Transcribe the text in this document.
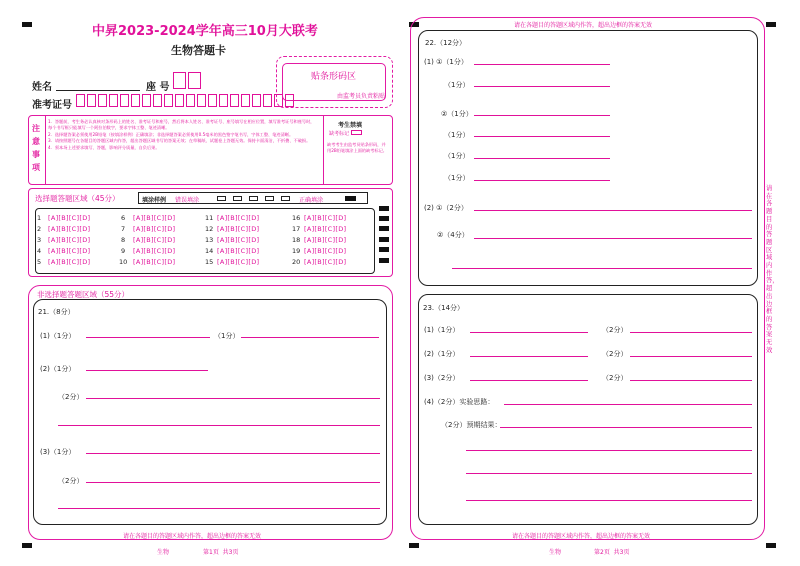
中昇2023-2024学年高三10月大联考
生物答题卡
姓名	座 号
准考证号
贴条形码区
由监考员负责粘贴
注意事项
1．答题前，考生务必认真核对条形码上的姓名、准考证号和座号，然后将本人姓名、准考证号、座号填写在相应位置，填写准考证号和座号时，每个书写框只能填写一个阿拉伯数字，要求字体工整、笔迹清晰。
2．选择题答案必须使用2B铅笔（按填涂样例）正确填涂；非选择题答案必须使用0.5毫米的黑色签字笔书写，字体工整、笔迹清晰。
3．请按照题号在各题目的答题区域内作答，超出答题区域书写的答案无效；在草稿纸、试题卷上答题无效。保持卡面清洁，不折叠、不破损。
4．须本场上述要求填写、答题，影响评分质量，自负后果。
考生禁填
缺考标记
缺考考生由监考员贴条形码，并用2B铅笔填涂上面的缺考标记。
选择题答题区域（45分）	填涂样例 错误填涂	正确填涂
1 [A][B][C][D]
2 [A][B][C][D]
3 [A][B][C][D]
4 [A][B][C][D]
5 [A][B][C][D]
6 [A][B][C][D]
7 [A][B][C][D]
8 [A][B][C][D]
9 [A][B][C][D]
10 [A][B][C][D]
11 [A][B][C][D]
12 [A][B][C][D]
13 [A][B][C][D]
14 [A][B][C][D]
15 [A][B][C][D]
16 [A][B][C][D]
17 [A][B][C][D]
18 [A][B][C][D]
19 [A][B][C][D]
20 [A][B][C][D]
非选择题答题区域（55分）
21.（8分）
(1)（1分）	（1分）
(2)（1分）
（2分）
(3)（1分）
（2分）
请在各题目的答题区域内作答，超出边框的答案无效
生物	第1页  共3页
请在各题目的答题区域内作答，超出边框的答案无效
请在各题目的答题区域内作答，超出边框的答案无效
22.（12分）
(1) ①（1分）
（1分）
②（1分）
（1分）
（1分）
（1分）
(2) ①（2分）
②（4分）
23.（14分）
(1)（1分）	（2分）
(2)（1分）	（2分）
(3)（2分）	（2分）
(4)（2分）实验思路：
（2分）预期结果：
请在各题目的答题区域内作答，超出边框的答案无效
生物	第2页  共3页
